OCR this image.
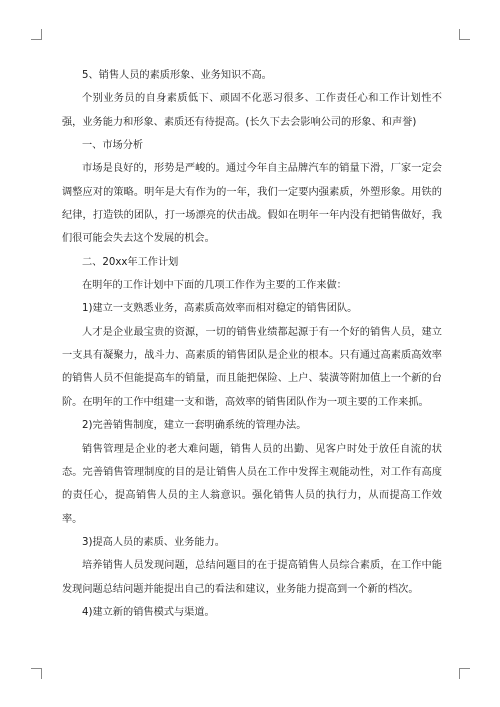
5、销售人员的素质形象、业务知识不高。

个别业务员的自身素质低下、顽固不化恶习很多、工作责任心和工作计划性不强，业务能力和形象、素质还有待提高。(长久下去会影响公司的形象、和声誉)

一、市场分析

市场是良好的，形势是严峻的。通过今年自主品牌汽车的销量下滑，厂家一定会调整应对的策略。明年是大有作为的一年，我们一定要内强素质，外塑形象。用铁的纪律，打造铁的团队，打一场漂亮的伏击战。假如在明年一年内没有把销售做好，我们很可能会失去这个发展的机会。

二、20xx年工作计划

在明年的工作计划中下面的几项工作作为主要的工作来做：

1)建立一支熟悉业务，高素质高效率而相对稳定的销售团队。

人才是企业最宝贵的资源，一切的销售业绩都起源于有一个好的销售人员，建立一支具有凝聚力，战斗力、高素质的销售团队是企业的根本。只有通过高素质高效率的销售人员不但能提高车的销量，而且能把保险、上户、装潢等附加值上一个新的台阶。在明年的工作中组建一支和谐，高效率的销售团队作为一项主要的工作来抓。

2)完善销售制度，建立一套明确系统的管理办法。

销售管理是企业的老大难问题，销售人员的出勤、见客户时处于放任自流的状态。完善销售管理制度的目的是让销售人员在工作中发挥主观能动性，对工作有高度的责任心，提高销售人员的主人翁意识。强化销售人员的执行力，从而提高工作效率。

3)提高人员的素质、业务能力。

培养销售人员发现问题，总结问题目的在于提高销售人员综合素质，在工作中能发现问题总结问题并能提出自己的看法和建议，业务能力提高到一个新的档次。

4)建立新的销售模式与渠道。
